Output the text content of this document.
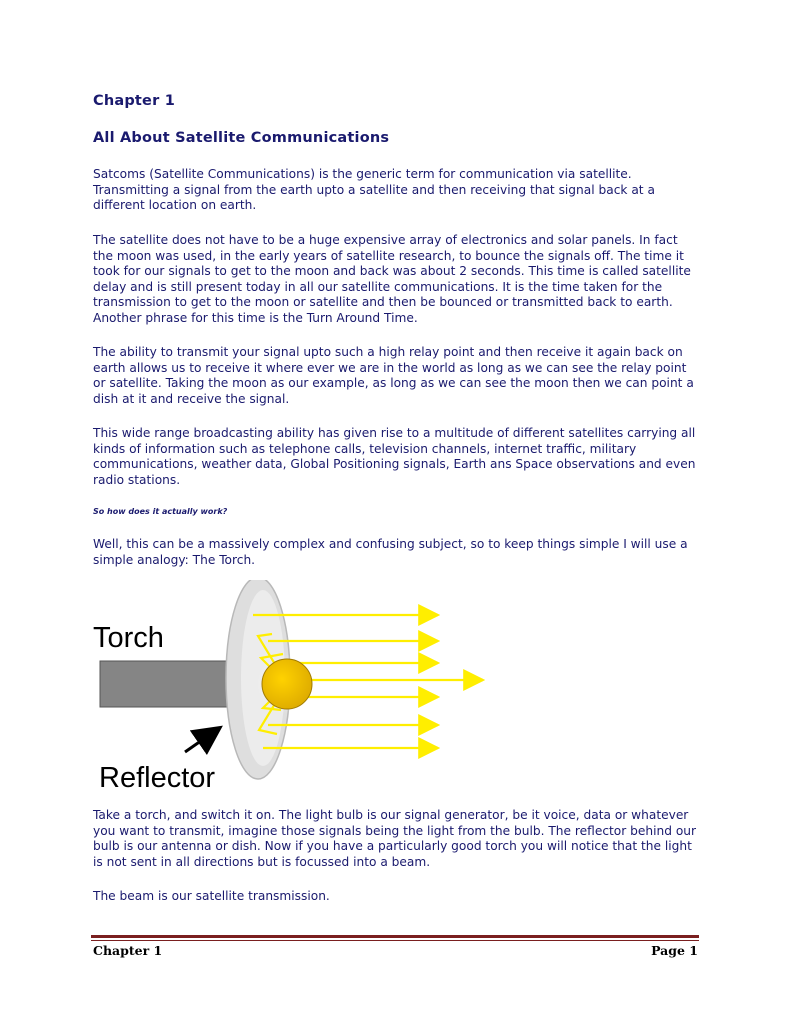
Chapter 1
All About Satellite Communications

Satcoms (Satellite Communications) is the generic term for communication via satellite. Transmitting a signal from the earth upto a satellite and then receiving that signal back at a different location on earth.

The satellite does not have to be a huge expensive array of electronics and solar panels. In fact the moon was used, in the early years of satellite research, to bounce the signals off. The time it took for our signals to get to the moon and back was about 2 seconds. This time is called satellite delay and is still present today in all our satellite communications. It is the time taken for the transmission to get to the moon or satellite and then be bounced or transmitted back to earth. Another phrase for this time is the Turn Around Time.

The ability to transmit your signal upto such a high relay point and then receive it again back on earth allows us to receive it where ever we are in the world as long as we can see the relay point or satellite. Taking the moon as our example, as long as we can see the moon then we can point a dish at it and receive the signal.

This wide range broadcasting ability has given rise to a multitude of different satellites carrying all kinds of information such as telephone calls, television channels, internet traffic, military communications, weather data, Global Positioning signals, Earth ans Space observations and even radio stations.

So how does it actually work?

Well, this can be a massively complex and confusing subject, so to keep things simple I will use a simple analogy: The Torch.

Take a torch, and switch it on. The light bulb is our signal generator, be it voice, data or whatever you want to transmit, imagine those signals being the light from the bulb. The reflector behind our bulb is our antenna or dish. Now if you have a particularly good torch you will notice that the light is not sent in all directions but is focussed into a beam.

The beam is our satellite transmission.

Torch

Reflector

Chapter 1	Page 1
